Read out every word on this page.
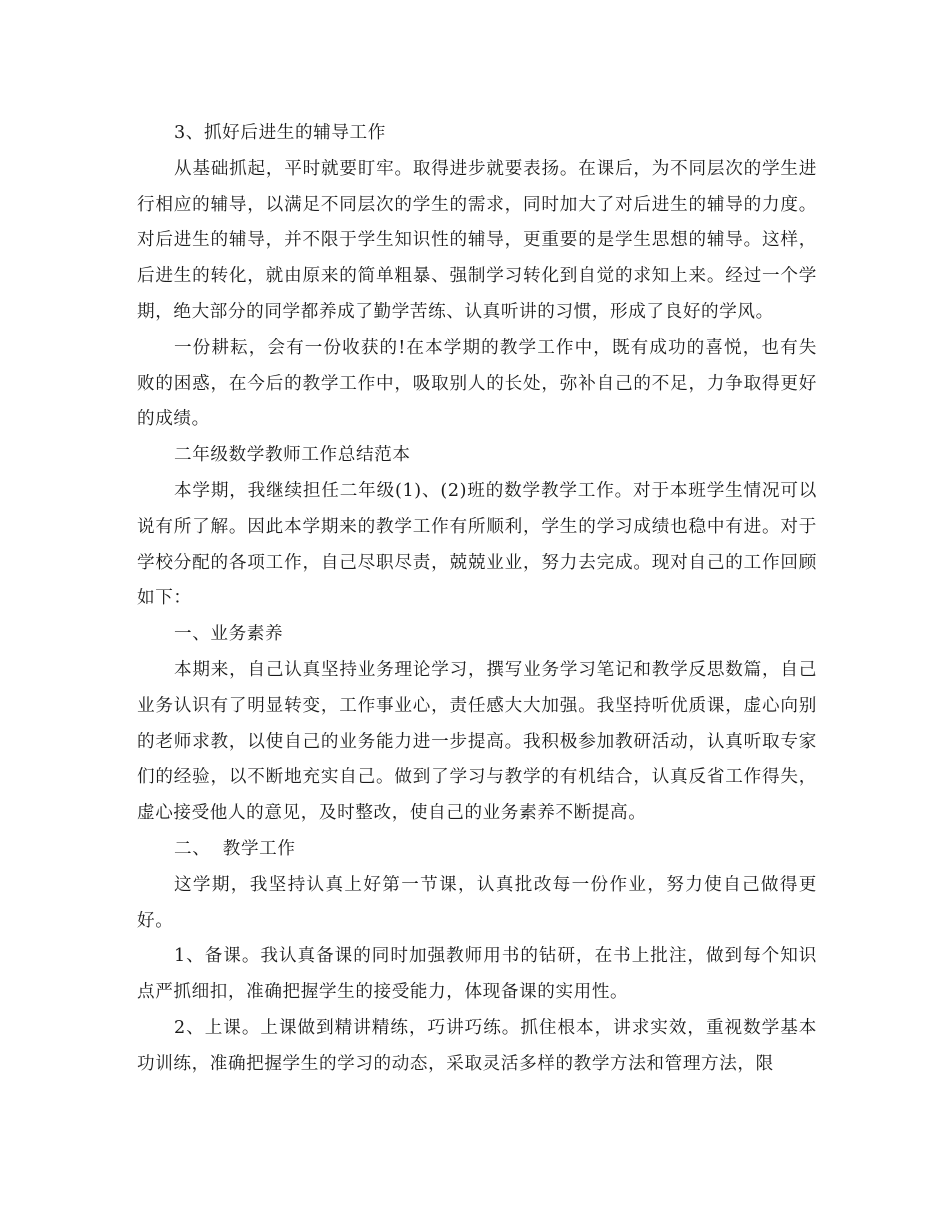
3、抓好后进生的辅导工作

从基础抓起，平时就要盯牢。取得进步就要表扬。在课后，为不同层次的学生进行相应的辅导，以满足不同层次的学生的需求，同时加大了对后进生的辅导的力度。对后进生的辅导，并不限于学生知识性的辅导，更重要的是学生思想的辅导。这样，后进生的转化，就由原来的简单粗暴、强制学习转化到自觉的求知上来。经过一个学期，绝大部分的同学都养成了勤学苦练、认真听讲的习惯，形成了良好的学风。

一份耕耘，会有一份收获的!在本学期的教学工作中，既有成功的喜悦，也有失败的困惑，在今后的教学工作中，吸取别人的长处，弥补自己的不足，力争取得更好的成绩。

二年级数学教师工作总结范本

本学期，我继续担任二年级(1)、(2)班的数学教学工作。对于本班学生情况可以说有所了解。因此本学期来的教学工作有所顺利，学生的学习成绩也稳中有进。对于学校分配的各项工作，自己尽职尽责，兢兢业业，努力去完成。现对自己的工作回顾如下：

一、业务素养

本期来，自己认真坚持业务理论学习，撰写业务学习笔记和教学反思数篇，自己业务认识有了明显转变，工作事业心，责任感大大加强。我坚持听优质课，虚心向别的老师求教，以使自己的业务能力进一步提高。我积极参加教研活动，认真听取专家们的经验，以不断地充实自己。做到了学习与教学的有机结合，认真反省工作得失，虚心接受他人的意见，及时整改，使自己的业务素养不断提高。

二、  教学工作

这学期，我坚持认真上好第一节课，认真批改每一份作业，努力使自己做得更好。

1、备课。我认真备课的同时加强教师用书的钻研，在书上批注，做到每个知识点严抓细扣，准确把握学生的接受能力，体现备课的实用性。

2、上课。上课做到精讲精练，巧讲巧练。抓住根本，讲求实效，重视数学基本功训练，准确把握学生的学习的动态，采取灵活多样的教学方法和管理方法，限
